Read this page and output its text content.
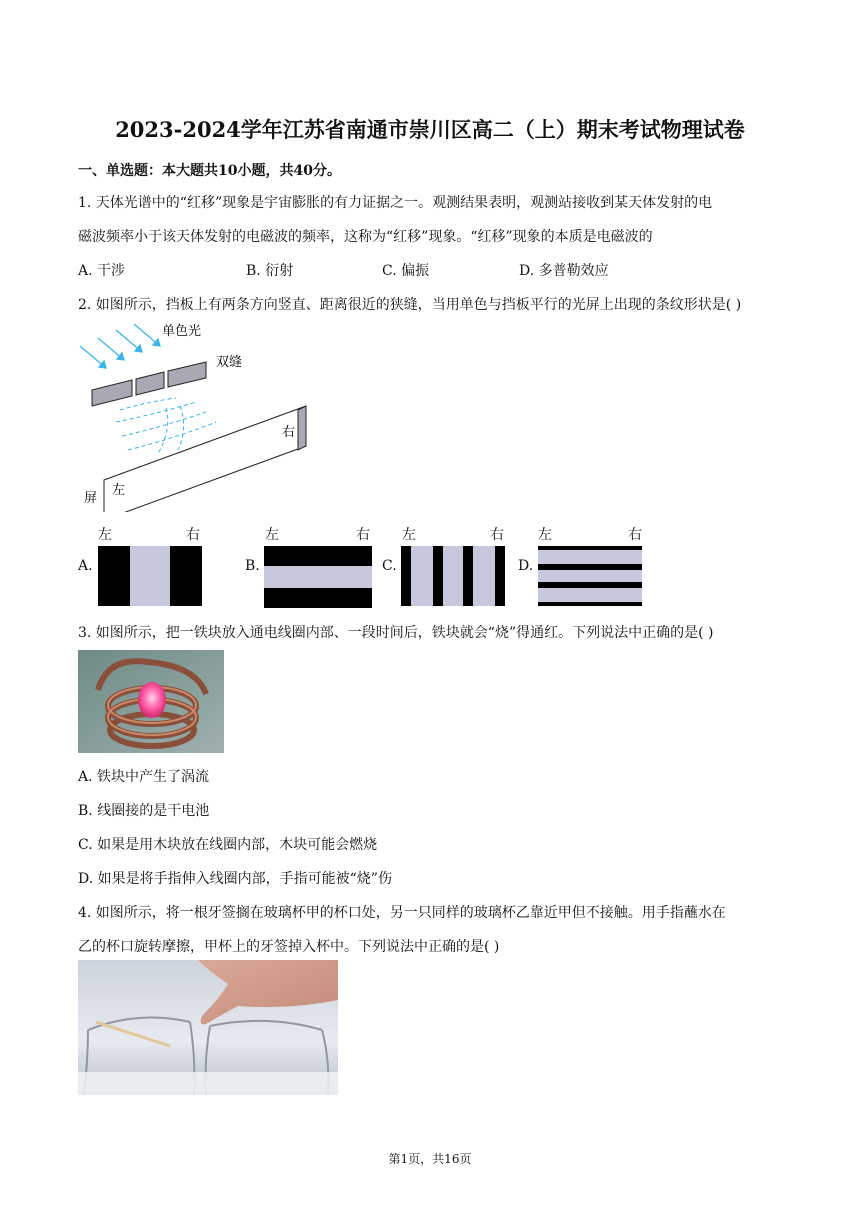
2023-2024学年江苏省南通市崇川区高二（上）期末考试物理试卷
一、单选题：本大题共10小题，共40分。
1. 天体光谱中的“红移”现象是宇宙膨胀的有力证据之一。观测结果表明，观测站接收到某天体发射的电
磁波频率小于该天体发射的电磁波的频率，这称为“红移”现象。“红移”现象的本质是电磁波的
A. 干涉	B. 衍射	C. 偏振	D. 多普勒效应
2. 如图所示，挡板上有两条方向竖直、距离很近的狭缝，当用单色与挡板平行的光屏上出现的条纹形状是( )
单色光
双缝
右
左
屏
A.
左	右
B.
左	右
C.
左	右
D.
左	右
3. 如图所示，把一铁块放入通电线圈内部、一段时间后，铁块就会“烧”得通红。下列说法中正确的是( )
A. 铁块中产生了涡流
B. 线圈接的是干电池
C. 如果是用木块放在线圈内部，木块可能会燃烧
D. 如果是将手指伸入线圈内部，手指可能被“烧”伤
4. 如图所示，将一根牙签搁在玻璃杯甲的杯口处，另一只同样的玻璃杯乙靠近甲但不接触。用手指蘸水在
乙的杯口旋转摩擦，甲杯上的牙签掉入杯中。下列说法中正确的是( )
第1页，共16页
